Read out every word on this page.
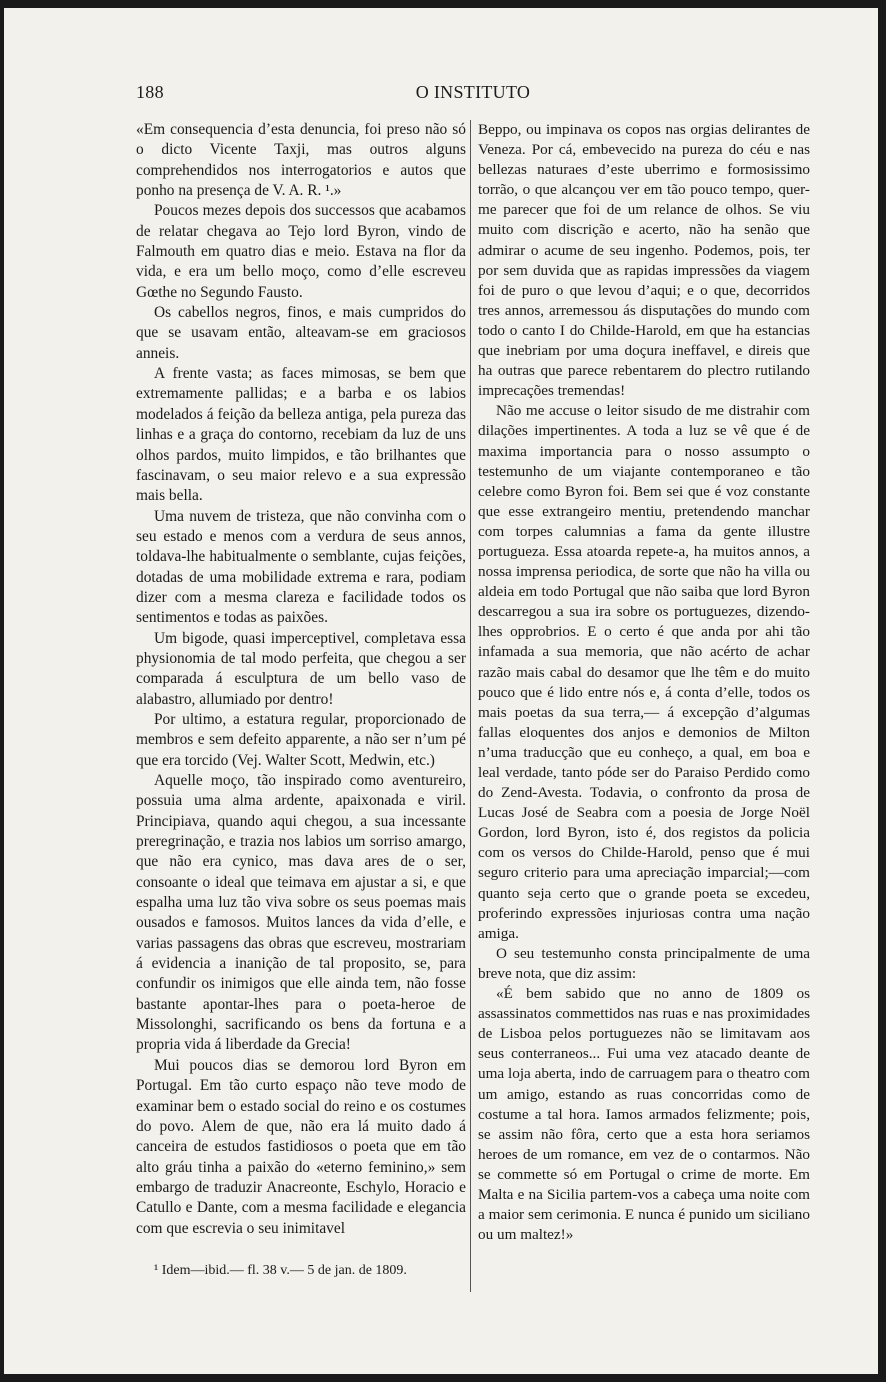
188	O INSTITUTO

«Em consequencia d’esta denuncia, foi preso não só o dicto Vicente Taxji, mas outros alguns comprehendidos nos interrogatorios e autos que ponho na presença de V. A. R. ¹.»

Poucos mezes depois dos successos que acabamos de relatar chegava ao Tejo lord Byron, vindo de Falmouth em quatro dias e meio. Estava na flor da vida, e era um bello moço, como d’elle escreveu Gœthe no Segundo Fausto.

Os cabellos negros, finos, e mais cumpridos do que se usavam então, alteavam-se em graciosos anneis.

A frente vasta; as faces mimosas, se bem que extremamente pallidas; e a barba e os labios modelados á feição da belleza antiga, pela pureza das linhas e a graça do contorno, recebiam da luz de uns olhos pardos, muito limpidos, e tão brilhantes que fascinavam, o seu maior relevo e a sua expressão mais bella.

Uma nuvem de tristeza, que não convinha com o seu estado e menos com a verdura de seus annos, toldava-lhe habitualmente o semblante, cujas feições, dotadas de uma mobilidade extrema e rara, podiam dizer com a mesma clareza e facilidade todos os sentimentos e todas as paixões.

Um bigode, quasi imperceptivel, completava essa physionomia de tal modo perfeita, que chegou a ser comparada á esculptura de um bello vaso de alabastro, allumiado por dentro!

Por ultimo, a estatura regular, proporcionado de membros e sem defeito apparente, a não ser n’um pé que era torcido (Vej. Walter Scott, Medwin, etc.)

Aquelle moço, tão inspirado como aventureiro, possuia uma alma ardente, apaixonada e viril. Principiava, quando aqui chegou, a sua incessante preregrinação, e trazia nos labios um sorriso amargo, que não era cynico, mas dava ares de o ser, consoante o ideal que teimava em ajustar a si, e que espalha uma luz tão viva sobre os seus poemas mais ousados e famosos. Muitos lances da vida d’elle, e varias passagens das obras que escreveu, mostrariam á evidencia a inanição de tal proposito, se, para confundir os inimigos que elle ainda tem, não fosse bastante apontar-lhes para o poeta-heroe de Missolonghi, sacrificando os bens da fortuna e a propria vida á liberdade da Grecia!

Mui poucos dias se demorou lord Byron em Portugal. Em tão curto espaço não teve modo de examinar bem o estado social do reino e os costumes do povo. Alem de que, não era lá muito dado á canceira de estudos fastidiosos o poeta que em tão alto gráu tinha a paixão do «eterno feminino,» sem embargo de traduzir Anacreonte, Eschylo, Horacio e Catullo e Dante, com a mesma facilidade e elegancia com que escrevia o seu inimitavel

Beppo, ou impinava os copos nas orgias delirantes de Veneza. Por cá, embevecido na pureza do céu e nas bellezas naturaes d’este uberrimo e formosissimo torrão, o que alcançou ver em tão pouco tempo, quer-me parecer que foi de um relance de olhos. Se viu muito com discrição e acerto, não ha senão que admirar o acume de seu ingenho. Podemos, pois, ter por sem duvida que as rapidas impressões da viagem foi de puro o que levou d’aqui; e o que, decorridos tres annos, arremessou ás disputações do mundo com todo o canto I do Childe-Harold, em que ha estancias que inebriam por uma doçura ineffavel, e direis que ha outras que parece rebentarem do plectro rutilando imprecações tremendas!

Não me accuse o leitor sisudo de me distrahir com dilações impertinentes. A toda a luz se vê que é de maxima importancia para o nosso assumpto o testemunho de um viajante contemporaneo e tão celebre como Byron foi. Bem sei que é voz constante que esse extrangeiro mentiu, pretendendo manchar com torpes calumnias a fama da gente illustre portugueza. Essa atoarda repete-a, ha muitos annos, a nossa imprensa periodica, de sorte que não ha villa ou aldeia em todo Portugal que não saiba que lord Byron descarregou a sua ira sobre os portuguezes, dizendo-lhes opprobrios. E o certo é que anda por ahi tão infamada a sua memoria, que não acérto de achar razão mais cabal do desamor que lhe têm e do muito pouco que é lido entre nós e, á conta d’elle, todos os mais poetas da sua terra,— á excepção d’algumas fallas eloquentes dos anjos e demonios de Milton n’uma traducção que eu conheço, a qual, em boa e leal verdade, tanto póde ser do Paraiso Perdido como do Zend-Avesta. Todavia, o confronto da prosa de Lucas José de Seabra com a poesia de Jorge Noël Gordon, lord Byron, isto é, dos registos da policia com os versos do Childe-Harold, penso que é mui seguro criterio para uma apreciação imparcial;—com quanto seja certo que o grande poeta se excedeu, proferindo expressões injuriosas contra uma nação amiga.

O seu testemunho consta principalmente de uma breve nota, que diz assim:

«É bem sabido que no anno de 1809 os assassinatos commettidos nas ruas e nas proximidades de Lisboa pelos portuguezes não se limitavam aos seus conterraneos... Fui uma vez atacado deante de uma loja aberta, indo de carruagem para o theatro com um amigo, estando as ruas concorridas como de costume a tal hora. Iamos armados felizmente; pois, se assim não fôra, certo que a esta hora seriamos heroes de um romance, em vez de o contarmos. Não se commette só em Portugal o crime de morte. Em Malta e na Sicilia partem-vos a cabeça uma noite com a maior sem cerimonia. E nunca é punido um siciliano ou um maltez!»

¹ Idem—ibid.— fl. 38 v.— 5 de jan. de 1809.
